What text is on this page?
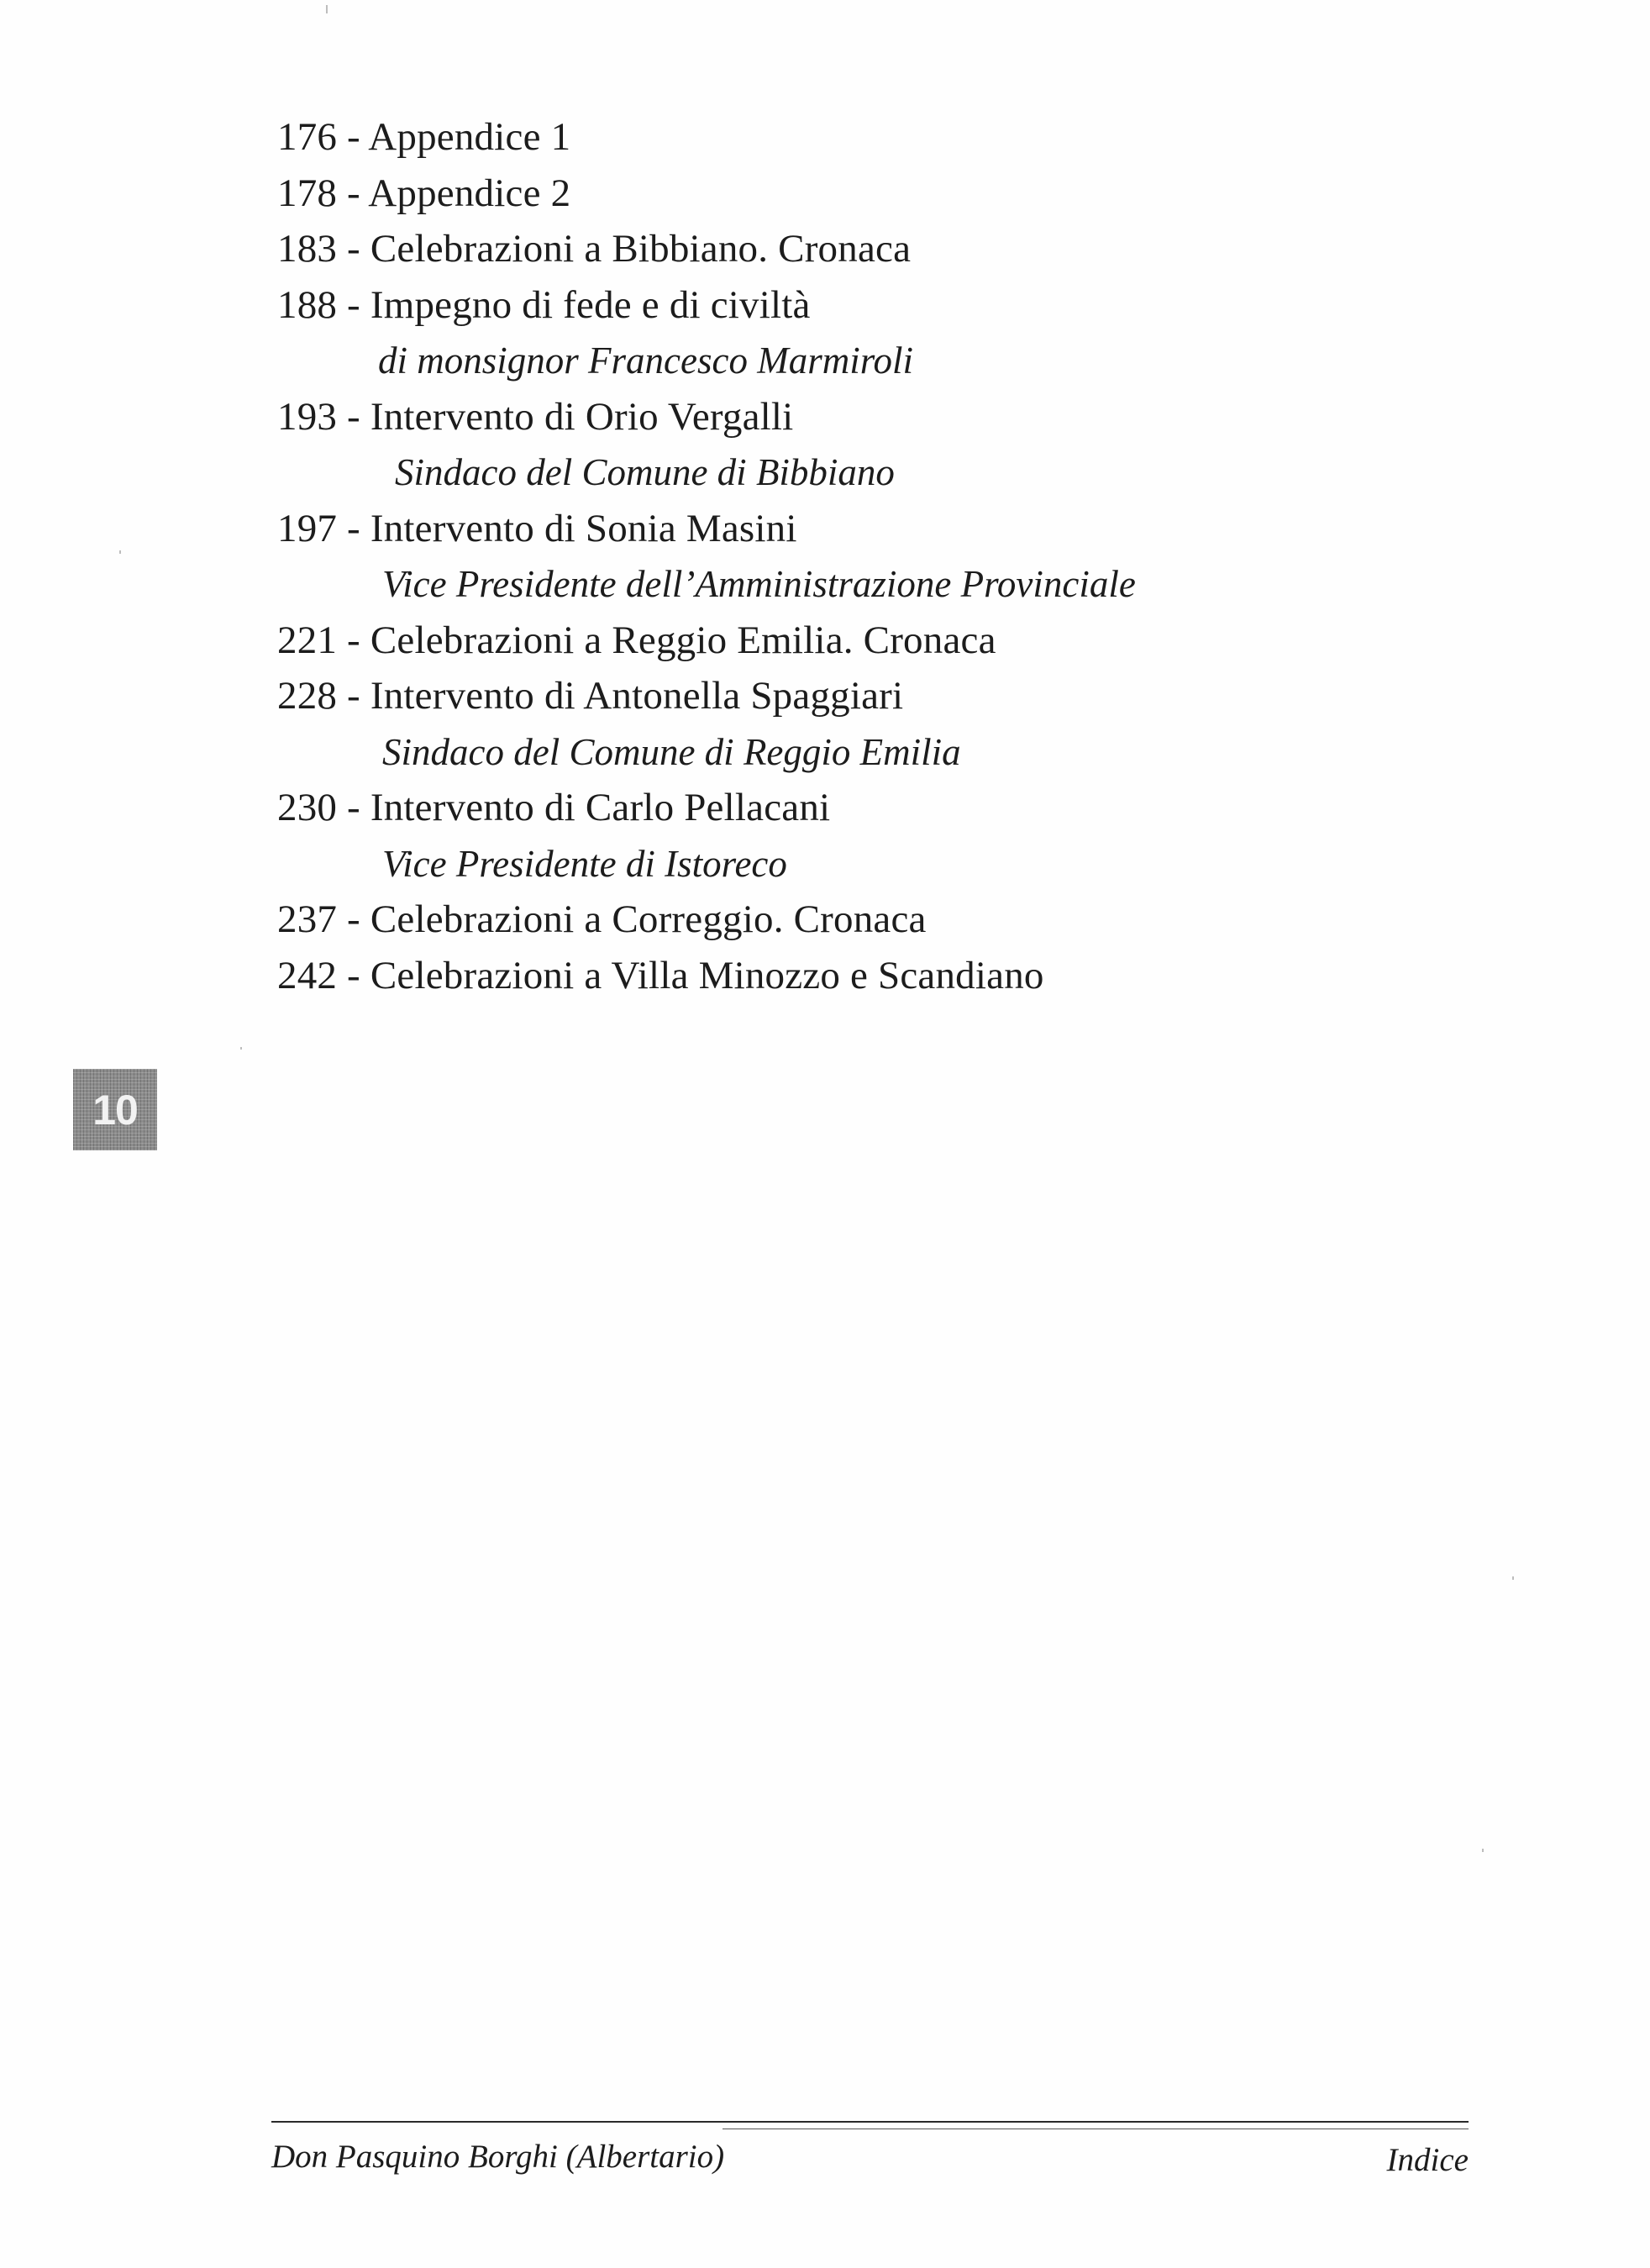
176 - Appendice 1
178 - Appendice 2
183 - Celebrazioni a Bibbiano. Cronaca
188 - Impegno di fede e di civiltà
di monsignor Francesco Marmiroli
193 - Intervento di Orio Vergalli
Sindaco del Comune di Bibbiano
197 - Intervento di Sonia Masini
Vice Presidente dell’Amministrazione Provinciale
221 - Celebrazioni a Reggio Emilia. Cronaca
228 - Intervento di Antonella Spaggiari
Sindaco del Comune di Reggio Emilia
230 - Intervento di Carlo Pellacani
Vice Presidente di Istoreco
237 - Celebrazioni a Correggio. Cronaca
242 - Celebrazioni a Villa Minozzo e Scandiano
10
Don Pasquino Borghi (Albertario)	Indice
